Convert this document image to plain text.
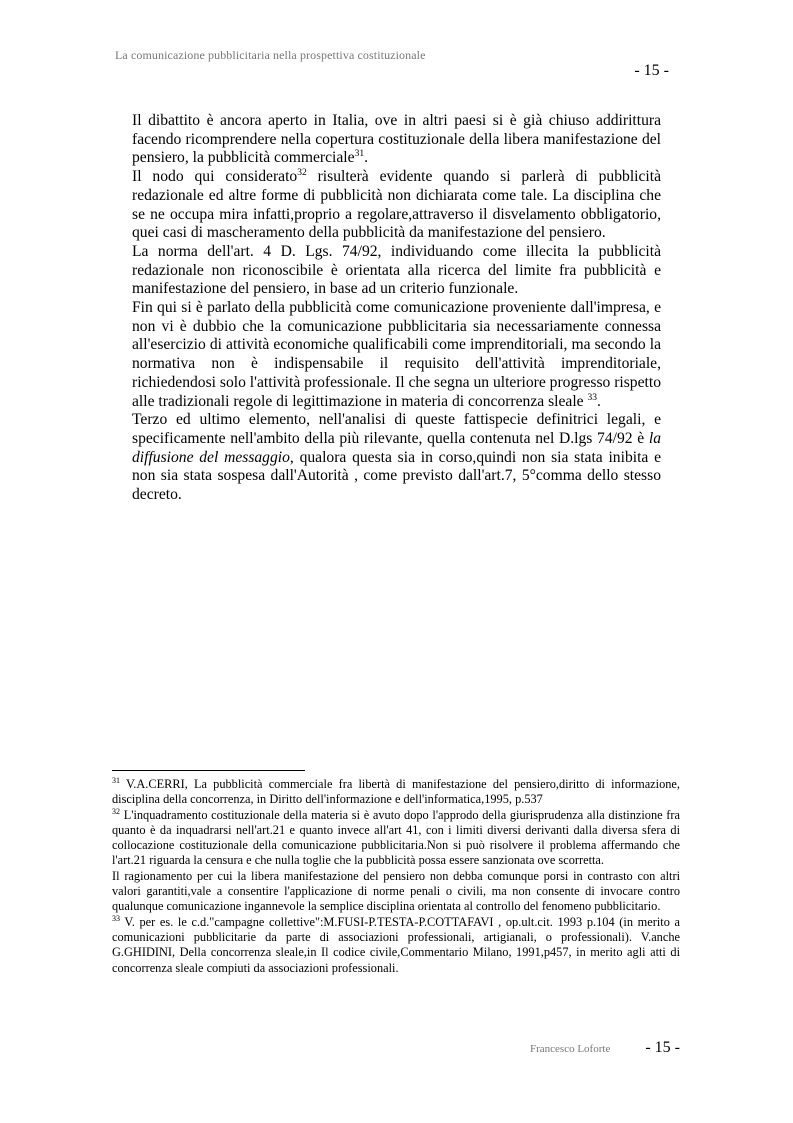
La comunicazione pubblicitaria nella prospettiva costituzionale
- 15 -

Il dibattito è ancora aperto in Italia, ove in altri paesi si è già chiuso addirittura facendo ricomprendere nella copertura costituzionale della libera manifestazione del pensiero, la pubblicità commerciale$^{31}$.

Il nodo qui considerato$^{32}$ risulterà evidente quando si parlerà di pubblicità redazionale ed altre forme di pubblicità non dichiarata come tale. La disciplina che se ne occupa mira infatti,proprio a regolare,attraverso il disvelamento obbligatorio, quei casi di mascheramento della pubblicità da manifestazione del pensiero.

La norma dell'art. 4 D. Lgs. 74/92, individuando come illecita la pubblicità redazionale non riconoscibile è orientata alla ricerca del limite fra pubblicità e manifestazione del pensiero, in base ad un criterio funzionale.

Fin qui si è parlato della pubblicità come comunicazione proveniente dall'impresa, e non vi è dubbio che la comunicazione pubblicitaria sia necessariamente connessa all'esercizio di attività economiche qualificabili come imprenditoriali, ma secondo la normativa non è indispensabile il requisito dell'attività imprenditoriale, richiedendosi solo l'attività professionale. Il che segna un ulteriore progresso rispetto alle tradizionali regole di legittimazione in materia di concorrenza sleale $^{33}$.

Terzo ed ultimo elemento, nell'analisi di queste fattispecie definitrici legali, e specificamente nell'ambito della più rilevante, quella contenuta nel D.lgs 74/92 è la diffusione del messaggio, qualora questa sia in corso,quindi non sia stata inibita e non sia stata sospesa dall'Autorità , come previsto dall'art.7, 5°comma dello stesso decreto.

$^{31}$ V.A.CERRI, La pubblicità commerciale fra libertà di manifestazione del pensiero,diritto di informazione, disciplina della concorrenza, in Diritto dell'informazione e dell'informatica,1995, p.537

$^{32}$ L'inquadramento costituzionale della materia si è avuto dopo l'approdo della giurisprudenza alla distinzione fra quanto è da inquadrarsi nell'art.21 e quanto invece all'art 41, con i limiti diversi derivanti dalla diversa sfera di collocazione costituzionale della comunicazione pubblicitaria.Non si può risolvere il problema affermando che l'art.21 riguarda la censura e che nulla toglie che la pubblicità possa essere sanzionata ove scorretta.

Il ragionamento per cui la libera manifestazione del pensiero non debba comunque porsi in contrasto con altri valori garantiti,vale a consentire l'applicazione di norme penali o civili, ma non consente di invocare contro qualunque comunicazione ingannevole la semplice disciplina orientata al controllo del fenomeno pubblicitario.

$^{33}$ V. per es. le c.d."campagne collettive":M.FUSI-P.TESTA-P.COTTAFAVI , op.ult.cit. 1993 p.104 (in merito a comunicazioni pubblicitarie da parte di associazioni professionali, artigianali, o professionali). V.anche G.GHIDINI, Della concorrenza sleale,in Il codice civile,Commentario Milano, 1991,p457, in merito agli atti di concorrenza sleale compiuti da associazioni professionali.

Francesco Loforte - 15 -
